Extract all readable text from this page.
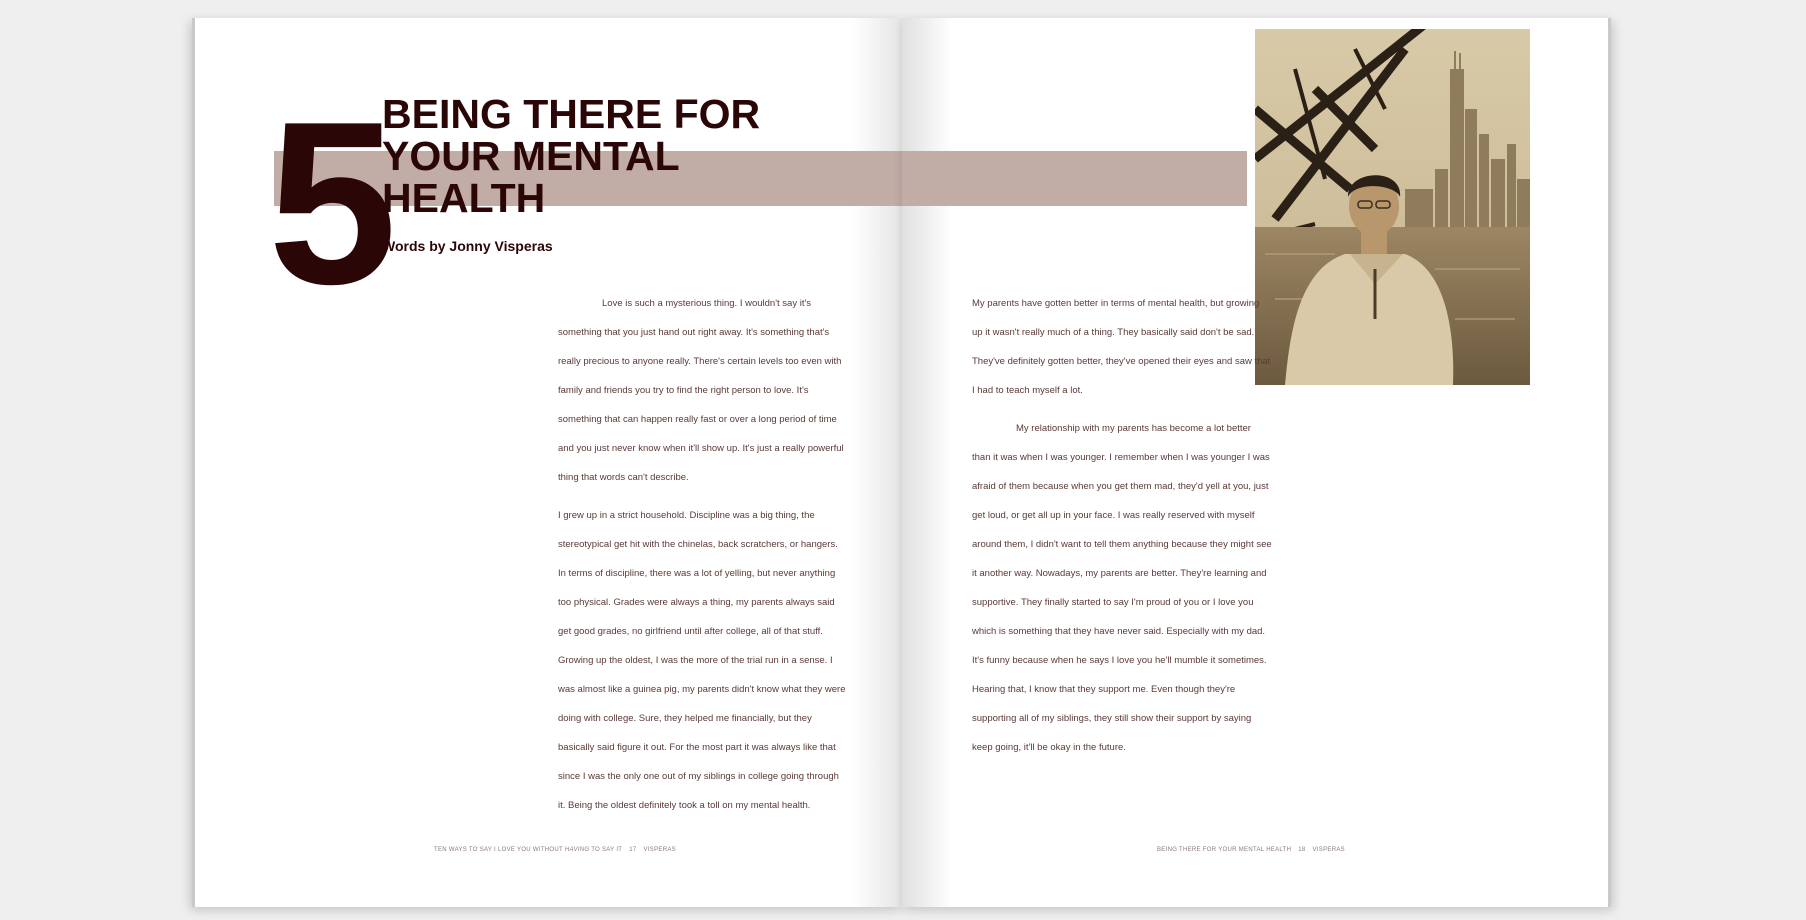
5
BEING THERE FOR YOUR MENTAL HEALTH
Words by Jonny Visperas

Love is such a mysterious thing. I wouldn't say it's something that you just hand out right away. It's something that's really precious to anyone really. There's certain levels too even with family and friends you try to find the right person to love. It's something that can happen really fast or over a long period of time and you just never know when it'll show up. It's just a really powerful thing that words can't describe.

I grew up in a strict household. Discipline was a big thing, the stereotypical get hit with the chinelas, back scratchers, or hangers. In terms of discipline, there was a lot of yelling, but never anything too physical. Grades were always a thing, my parents always said get good grades, no girlfriend until after college, all of that stuff. Growing up the oldest, I was the more of the trial run in a sense. I was almost like a guinea pig, my parents didn't know what they were doing with college. Sure, they helped me financially, but they basically said figure it out. For the most part it was always like that since I was the only one out of my siblings in college going through it. Being the oldest definitely took a toll on my mental health.

TEN WAYS TO SAY I LOVE YOU WITHOUT HAVING TO SAY IT 17 VISPERAS

My parents have gotten better in terms of mental health, but growing up it wasn't really much of a thing. They basically said don't be sad. They've definitely gotten better, they've opened their eyes and saw that I had to teach myself a lot.

My relationship with my parents has become a lot better than it was when I was younger. I remember when I was younger I was afraid of them because when you get them mad, they'd yell at you, just get loud, or get all up in your face. I was really reserved with myself around them, I didn't want to tell them anything because they might see it another way. Nowadays, my parents are better. They're learning and supportive. They finally started to say I'm proud of you or I love you which is something that they have never said. Especially with my dad. It's funny because when he says I love you he'll mumble it sometimes. Hearing that, I know that they support me. Even though they're supporting all of my siblings, they still show their support by saying keep going, it'll be okay in the future.

BEING THERE FOR YOUR MENTAL HEALTH 18 VISPERAS
